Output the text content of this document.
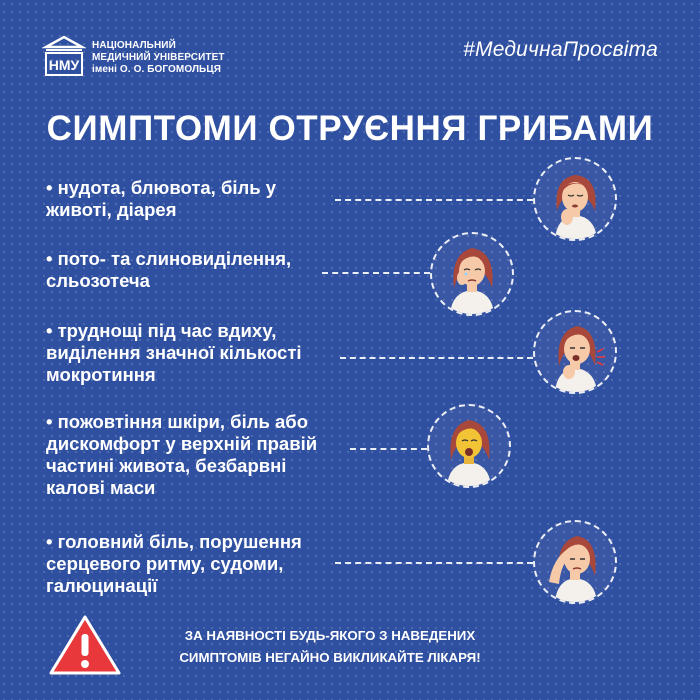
НМУ
НАЦІОНАЛЬНИЙ
МЕДИЧНИЙ УНІВЕРСИТЕТ
імені О. О. БОГОМОЛЬЦЯ
#МедичнаПросвіта
СИМПТОМИ ОТРУЄННЯ ГРИБАМИ
• нудота, блювота, біль у
животі, діарея
• пото- та слиновиділення,
сльозотеча
• труднощі під час вдиху,
виділення значної кількості
мокротиння
• пожовтіння шкіри, біль або
дискомфорт у верхній правій
частині живота, безбарвні
калові маси
• головний біль, порушення
серцевого ритму, судоми,
галюцинації
ЗА НАЯВНОСТІ БУДЬ-ЯКОГО З НАВЕДЕНИХ
СИМПТОМІВ НЕГАЙНО ВИКЛИКАЙТЕ ЛІКАРЯ!
